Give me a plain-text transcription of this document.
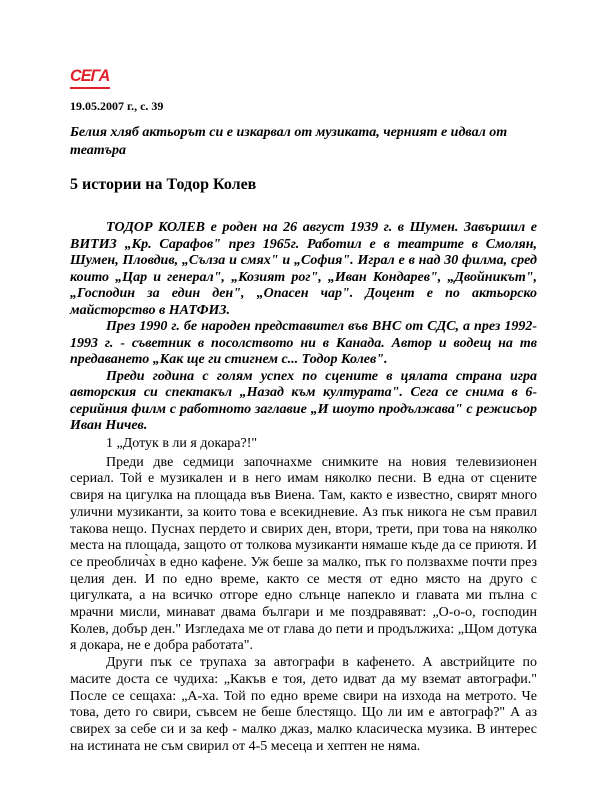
СЕГА
19.05.2007 г., с. 39
Белия хляб актьорът си е изкарвал от музиката, черният е идвал от театъра
5 истории на Тодор Колев

ТОДОР КОЛЕВ е роден на 26 август 1939 г. в Шумен. Завършил е ВИТИЗ „Кр. Сарафов" през 1965г. Работил е в театрите в Смолян, Шумен, Пловдив, „Сълза и смях" и „София". Играл е в над 30 филма, сред които „Цар и генерал", „Козият рог", „Иван Кондарев", „Двойникът", „Господин за един ден", „Опасен чар". Доцент е по актьорско майсторство в НАТФИЗ.

През 1990 г. бе народен представител във ВНС от СДС, а през 1992-1993 г. - съветник в посолството ни в Канада. Автор и водещ на тв предаването „Как ще ги стигнем с... Тодор Колев".

Преди година с голям успех по сцените в цялата страна игра авторския си спектакъл „Назад към културата". Сега се снима в 6-серийния филм с работното заглавие „И шоуто продължава" с режисьор Иван Ничев.

1 „Дотук в ли я докара?!"

Преди две седмици започнахме снимките на новия телевизионен сериал. Той е музикален и в него имам няколко песни. В една от сцените свиря на цигулка на площада във Виена. Там, както е известно, свирят много улични музиканти, за които това е всекидневие. Аз пък никога не съм правил такова нещо. Пуснах пердето и свирих ден, втори, трети, при това на няколко места на площада, защото от толкова музиканти нямаше къде да се приютя. И се преоблича̀х в едно кафене. Уж беше за малко, пък го ползвахме почти през целия ден. И по едно време, както се местя от едно място на друго с цигулката, а на всичко отгоре едно слънце напекло и главата ми пълна с мрачни мисли, минават двама българи и ме поздравяват: „О-о-о, господин Колев, добър ден." Изгледаха ме от глава до пети и продължиха: „Щом дотука я докара, не е добра работата".

Други пък се трупаха за автографи в кафенето. А австрийците по масите доста се чудиха: „Какъв е тоя, дето идват да му вземат автографи." После се сещаха: „А-ха. Той по едно време свири на изхода на метрото. Че това, дето го свири, съвсем не беше блестящо. Що ли им е автограф?" А аз свирех за себе си и за кеф - малко джаз, малко класическа музика. В интерес на истината не съм свирил от 4-5 месеца и хептен не няма.
